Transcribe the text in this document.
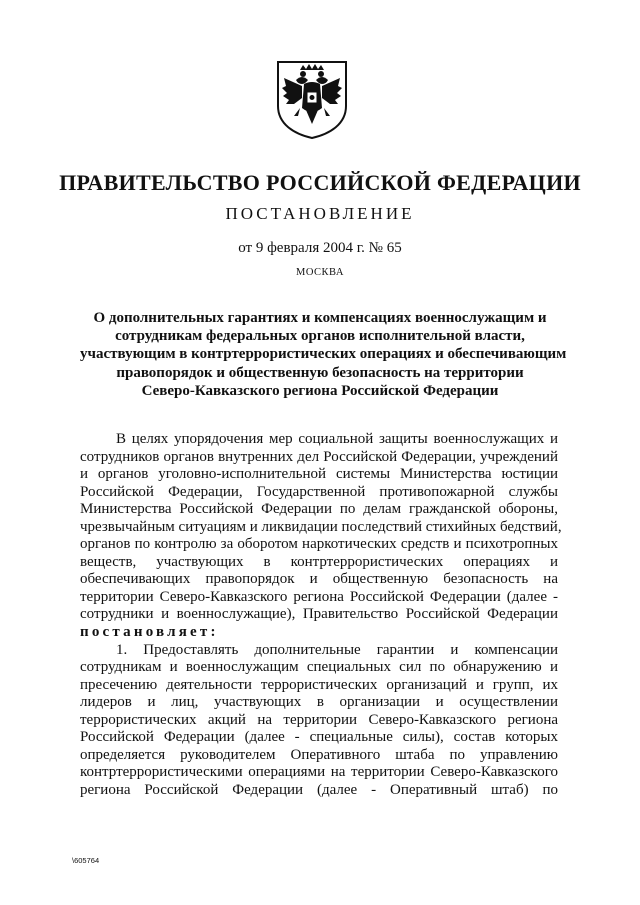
ПРАВИТЕЛЬСТВО РОССИЙСКОЙ ФЕДЕРАЦИИ
ПОСТАНОВЛЕНИЕ
от 9 февраля 2004 г. № 65
МОСКВА
О дополнительных гарантиях и компенсациях военнослужащим и
сотрудникам федеральных органов исполнительной власти,
участвующим в контртеррористических операциях и обеспечивающим
правопорядок и общественную безопасность на территории
Северо-Кавказского региона Российской Федерации
В целях упорядочения мер социальной защиты военнослужащих и
сотрудников органов внутренних дел Российской Федерации, учреждений
и органов уголовно-исполнительной системы Министерства юстиции
Российской Федерации, Государственной противопожарной службы
Министерства Российской Федерации по делам гражданской обороны,
чрезвычайным ситуациям и ликвидации последствий стихийных бедствий,
органов по контролю за оборотом наркотических средств и психотропных
веществ, участвующих в контртеррористических операциях и
обеспечивающих правопорядок и общественную безопасность на
территории Северо-Кавказского региона Российской Федерации (далее -
сотрудники и военнослужащие), Правительство Российской Федерации
постановляет:
1. Предоставлять дополнительные гарантии и компенсации
сотрудникам и военнослужащим специальных сил по обнаружению и
пресечению деятельности террористических организаций и групп, их
лидеров и лиц, участвующих в организации и осуществлении
террористических акций на территории Северо-Кавказского региона
Российской Федерации (далее - специальные силы), состав которых
определяется руководителем Оперативного штаба по управлению
контртеррористическими операциями на территории Северо-Кавказского
региона Российской Федерации (далее - Оперативный штаб) по
\605764
